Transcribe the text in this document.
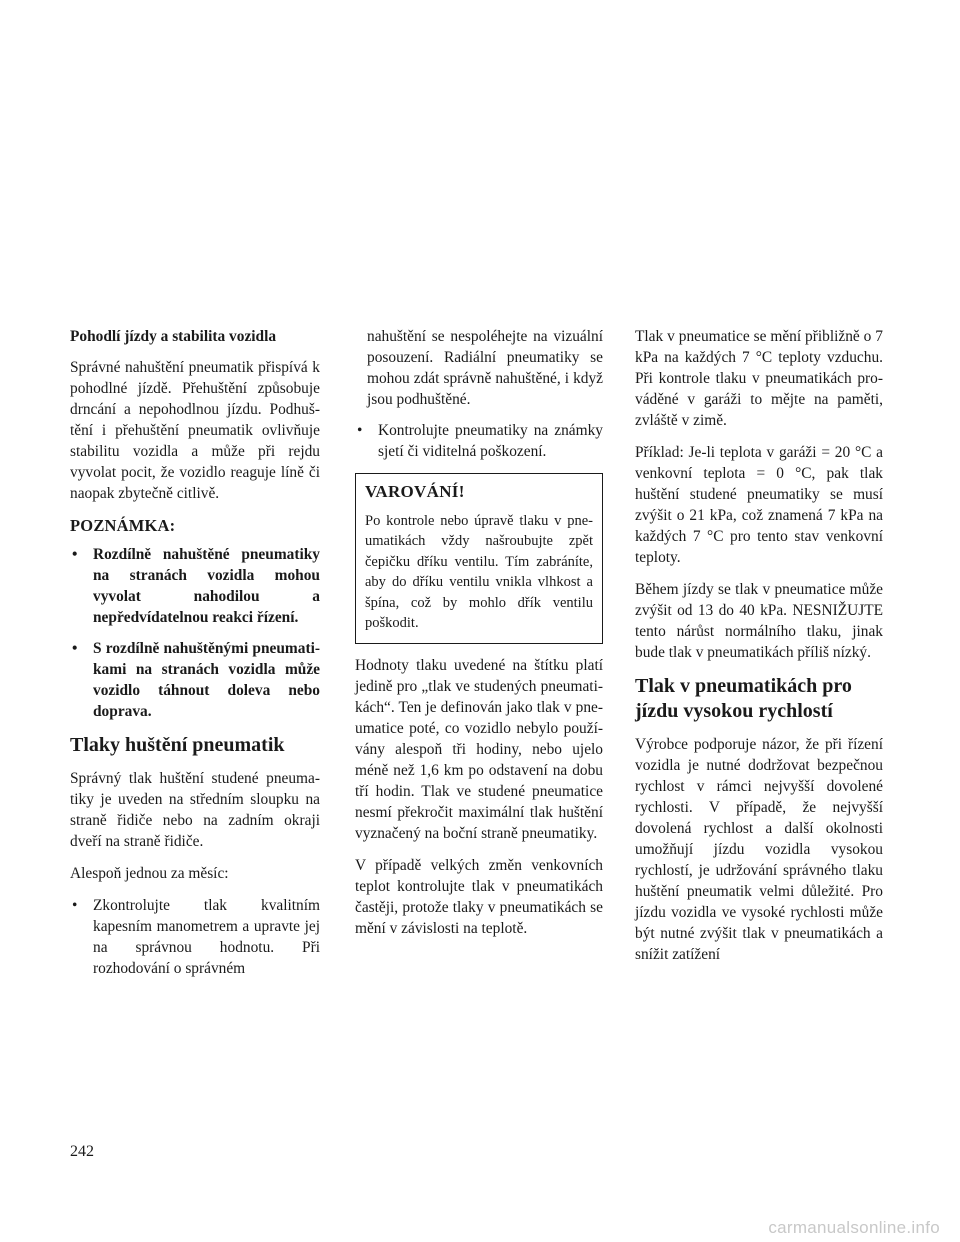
Pohodlí jízdy a stabilita vozidla

Správné nahuštění pneumatik přispívá k pohodlné jízdě. Přehuštění způsobuje drncání a nepohodlnou jízdu. Podhuštění i přehuštění pneumatik ovlivňuje stabilitu vozidla a může při rejdu vyvolat pocit, že vozidlo reaguje líně či naopak zbytečně citlivě.

POZNÁMKA:
• Rozdílně nahuštěné pneumatiky na stranách vozidla mohou vyvolat nahodilou a nepředvídatelnou reakci řízení.
• S rozdílně nahuštěnými pneumatikami na stranách vozidla může vozidlo táhnout doleva nebo doprava.
Tlaky huštění pneumatik

Správný tlak huštění studené pneumatiky je uveden na středním sloupku na straně řidiče nebo na zadním okraji dveří na straně řidiče.

Alespoň jednou za měsíc:

• Zkontrolujte tlak kvalitním kapesním manometrem a upravte jej na správnou hodnotu. Při rozhodování o správném
nahuštění se nespoléhejte na vizuální posouzení. Radiální pneumatiky se mohou zdát správně nahuštěné, i když jsou podhuštěné.
• Kontrolujte pneumatiky na známky sjetí či viditelná poškození.
VAROVÁNÍ!

Po kontrole nebo úpravě tlaku v pneumatikách vždy našroubujte zpět čepičku dříku ventilu. Tím zabráníte, aby do dříku ventilu vnikla vlhkost a špína, což by mohlo dřík ventilu poškodit.

Hodnoty tlaku uvedené na štítku platí jedině pro „tlak ve studených pneumatikách“. Ten je definován jako tlak v pneumatice poté, co vozidlo nebylo používány alespoň tři hodiny, nebo ujelo méně než 1,6 km po odstavení na dobu tří hodin. Tlak ve studené pneumatice nesmí překročit maximální tlak huštění vyznačený na boční straně pneumatiky.

V případě velkých změn venkovních teplot kontrolujte tlak v pneumatikách častěji, protože tlaky v pneumatikách se mění v závislosti na teplotě.

Tlak v pneumatice se mění přibližně o 7 kPa na každých 7 °C teploty vzduchu. Při kontrole tlaku v pneumatikách prováděné v garáži to mějte na paměti, zvláště v zimě.

Příklad: Je-li teplota v garáži = 20 °C a venkovní teplota = 0 °C, pak tlak huštění studené pneumatiky se musí zvýšit o 21 kPa, což znamená 7 kPa na každých 7 °C pro tento stav venkovní teploty.

Během jízdy se tlak v pneumatice může zvýšit od 13 do 40 kPa. NESNIŽUJTE tento nárůst normálního tlaku, jinak bude tlak v pneumatikách příliš nízký.

Tlak v pneumatikách pro jízdu vysokou rychlostí

Výrobce podporuje názor, že při řízení vozidla je nutné dodržovat bezpečnou rychlost v rámci nejvyšší dovolené rychlosti. V případě, že nejvyšší dovolená rychlost a další okolnosti umožňují jízdu vozidla vysokou rychlostí, je udržování správného tlaku huštění pneumatik velmi důležité. Pro jízdu vozidla ve vysoké rychlosti může být nutné zvýšit tlak v pneumatikách a snížit zatížení

242
carmanualsonline.info
